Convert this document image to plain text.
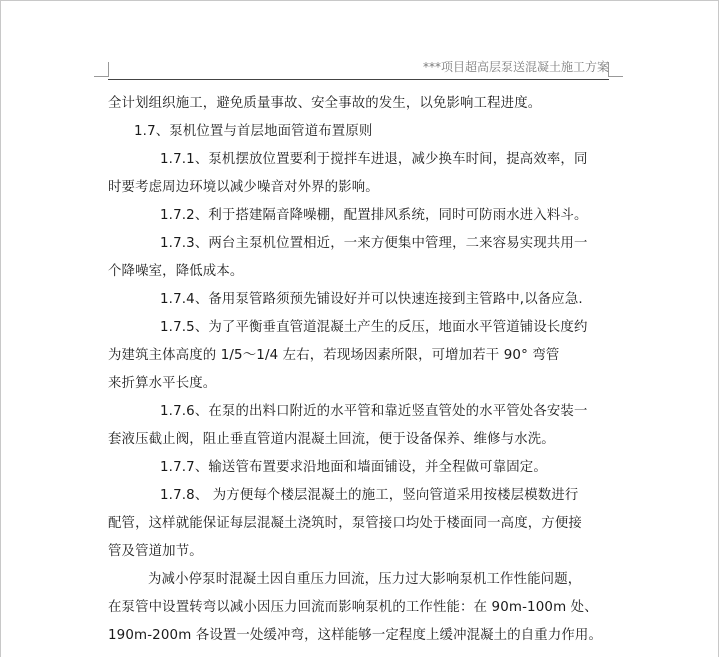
***项目超高层泵送混凝土施工方案

全计划组织施工，避免质量事故、安全事故的发生，以免影响工程进度。

1.7、泵机位置与首层地面管道布置原则

1.7.1、泵机摆放位置要利于搅拌车进退，减少换车时间，提高效率，同

时要考虑周边环境以减少噪音对外界的影响。

1.7.2、利于搭建隔音降噪棚，配置排风系统，同时可防雨水进入料斗。

1.7.3、两台主泵机位置相近，一来方便集中管理，二来容易实现共用一

个降噪室，降低成本。

1.7.4、备用泵管路须预先铺设好并可以快速连接到主管路中,以备应急.

1.7.5、为了平衡垂直管道混凝土产生的反压，地面水平管道铺设长度约

为建筑主体高度的 1/5～1/4 左右，若现场因素所限，可增加若干 90° 弯管

来折算水平长度。

1.7.6、在泵的出料口附近的水平管和靠近竖直管处的水平管处各安装一

套液压截止阀，阻止垂直管道内混凝土回流，便于设备保养、维修与水洗。

1.7.7、输送管布置要求沿地面和墙面铺设，并全程做可靠固定。

1.7.8、 为方便每个楼层混凝土的施工，竖向管道采用按楼层模数进行

配管，这样就能保证每层混凝土浇筑时，泵管接口均处于楼面同一高度，方便接

管及管道加节。

为减小停泵时混凝土因自重压力回流，压力过大影响泵机工作性能问题，

在泵管中设置转弯以减小因压力回流而影响泵机的工作性能：在 90m-100m 处、

190m-200m 各设置一处缓冲弯，这样能够一定程度上缓冲混凝土的自重力作用。
